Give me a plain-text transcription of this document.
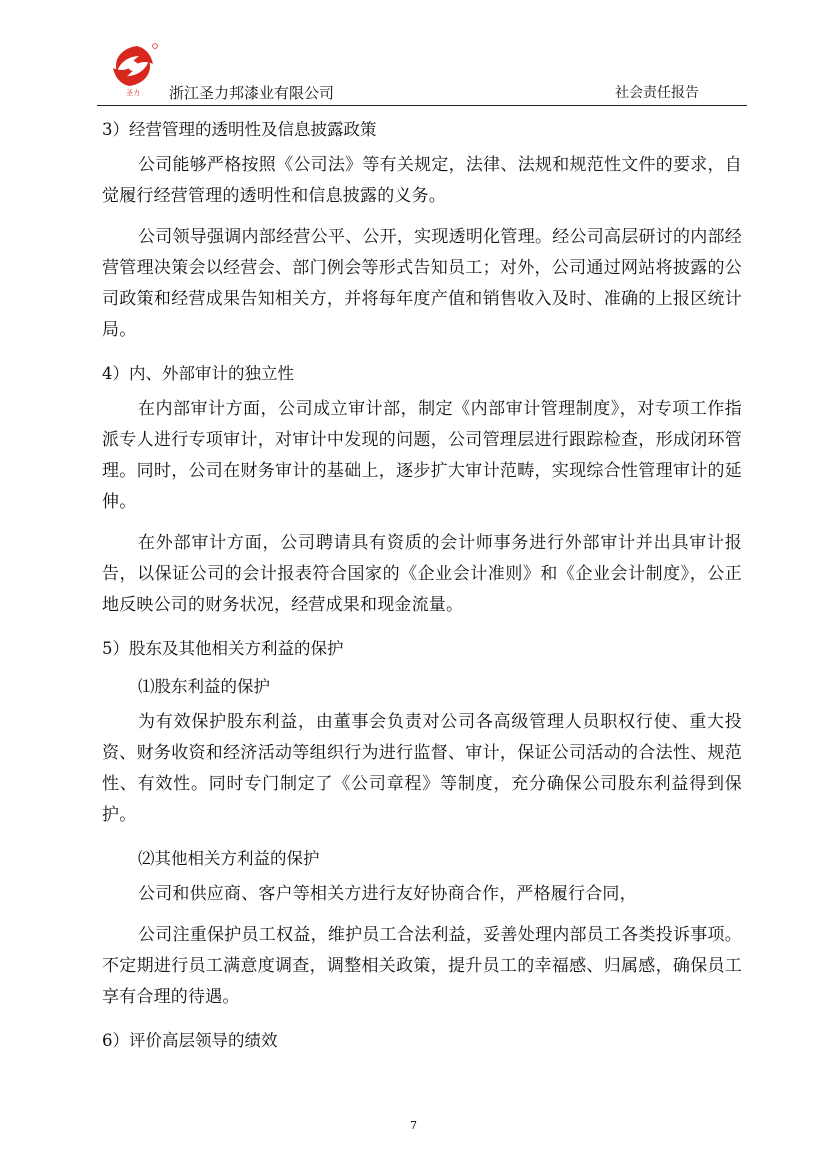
圣力 浙江圣力邦漆业有限公司	社会责任报告
3）经营管理的透明性及信息披露政策

公司能够严格按照《公司法》等有关规定，法律、法规和规范性文件的要求，自觉履行经营管理的透明性和信息披露的义务。

公司领导强调内部经营公平、公开，实现透明化管理。经公司高层研讨的内部经营管理决策会以经营会、部门例会等形式告知员工；对外，公司通过网站将披露的公司政策和经营成果告知相关方，并将每年度产值和销售收入及时、准确的上报区统计局。

4）内、外部审计的独立性

在内部审计方面，公司成立审计部，制定《内部审计管理制度》，对专项工作指派专人进行专项审计，对审计中发现的问题，公司管理层进行跟踪检查，形成闭环管理。同时，公司在财务审计的基础上，逐步扩大审计范畴，实现综合性管理审计的延伸。

在外部审计方面，公司聘请具有资质的会计师事务进行外部审计并出具审计报告，以保证公司的会计报表符合国家的《企业会计准则》和《企业会计制度》，公正地反映公司的财务状况，经营成果和现金流量。

5）股东及其他相关方利益的保护
⑴股东利益的保护

为有效保护股东利益，由董事会负责对公司各高级管理人员职权行使、重大投资、财务收资和经济活动等组织行为进行监督、审计，保证公司活动的合法性、规范性、有效性。同时专门制定了《公司章程》等制度，充分确保公司股东利益得到保护。

⑵其他相关方利益的保护

公司和供应商、客户等相关方进行友好协商合作，严格履行合同，

公司注重保护员工权益，维护员工合法利益，妥善处理内部员工各类投诉事项。不定期进行员工满意度调查，调整相关政策，提升员工的幸福感、归属感，确保员工享有合理的待遇。

6）评价高层领导的绩效
7
